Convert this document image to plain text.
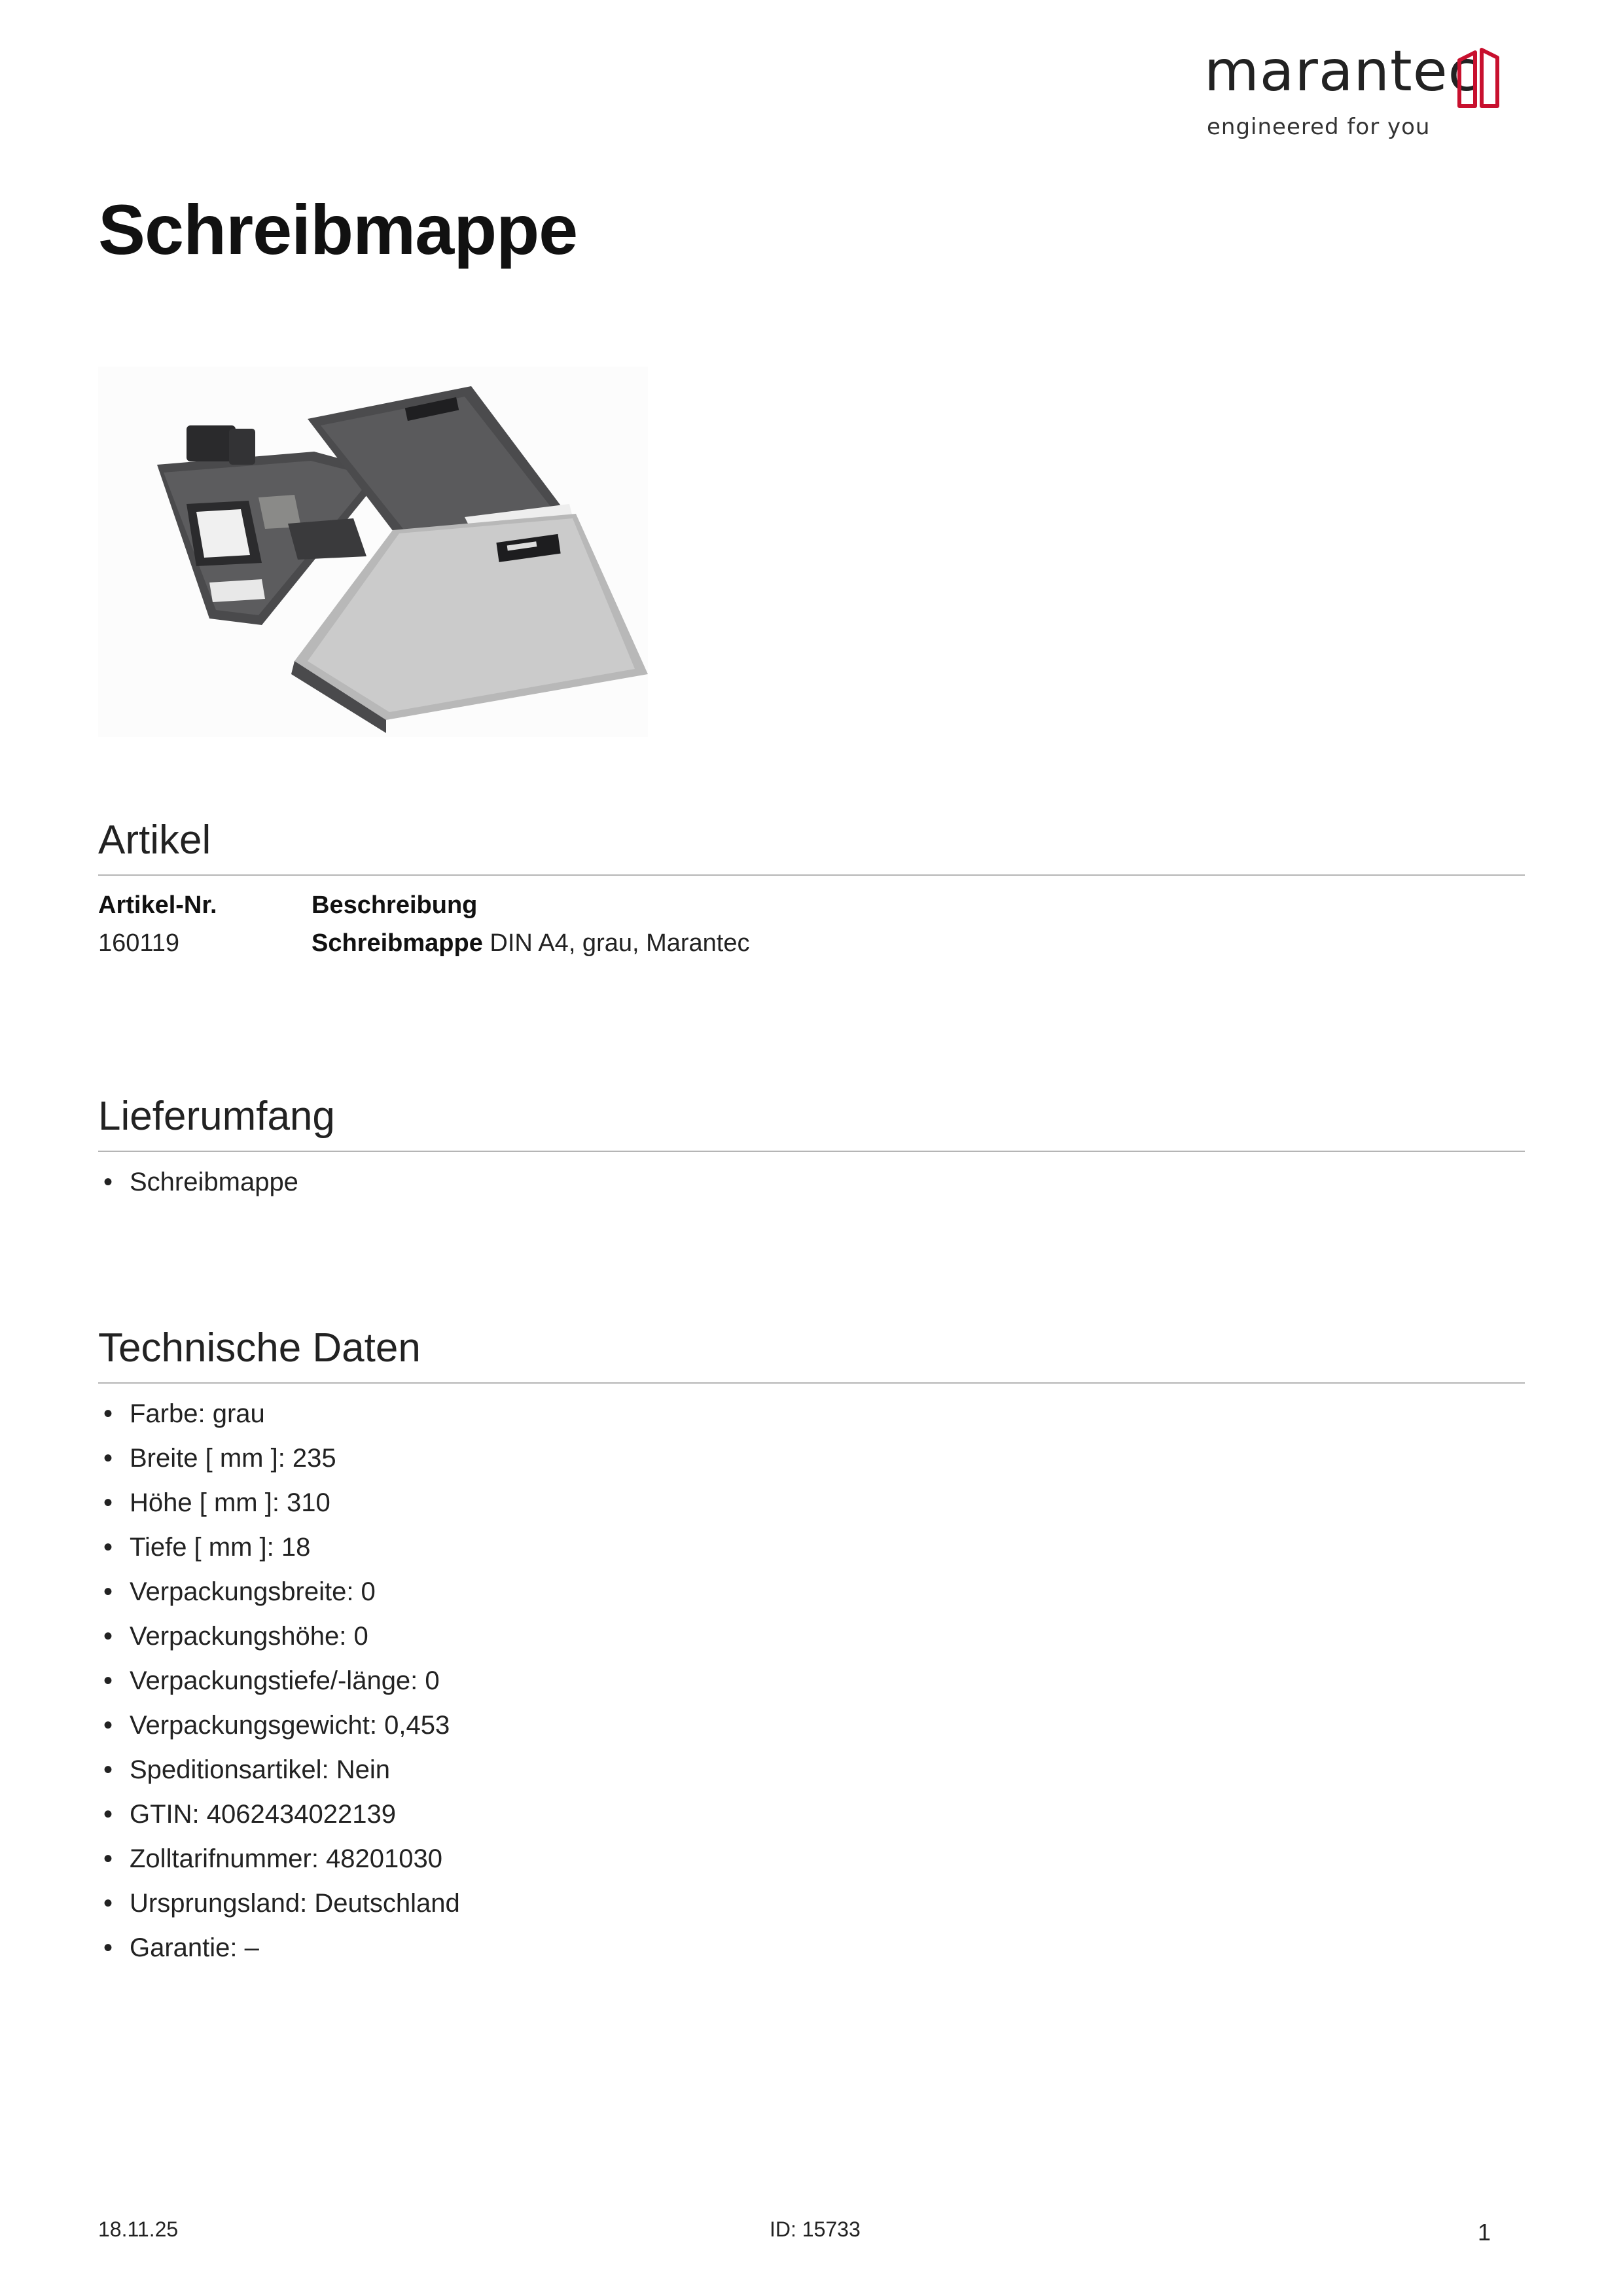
marantec
engineered for you
Schreibmappe
Artikel
Artikel-Nr.	Beschreibung
160119	Schreibmappe DIN A4, grau, Marantec
Lieferumfang
• Schreibmappe
Technische Daten
• Farbe: grau
• Breite [ mm ]: 235
• Höhe [ mm ]: 310
• Tiefe [ mm ]: 18
• Verpackungsbreite: 0
• Verpackungshöhe: 0
• Verpackungstiefe/-länge: 0
• Verpackungsgewicht: 0,453
• Speditionsartikel: Nein
• GTIN: 4062434022139
• Zolltarifnummer: 48201030
• Ursprungsland: Deutschland
• Garantie: –
18.11.25	ID: 15733	1
